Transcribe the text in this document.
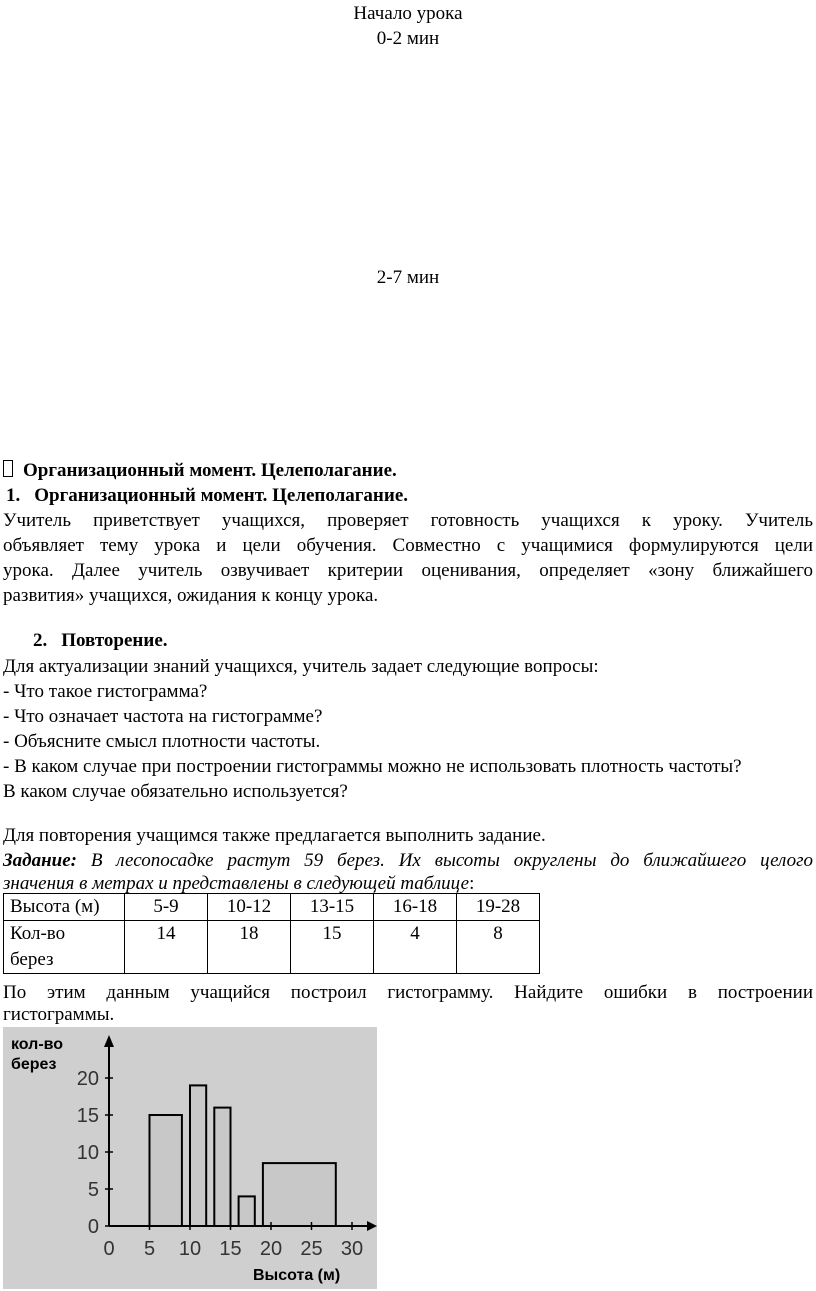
Начало урока
0-2 мин
2-7 мин
Организационный момент. Целеполагание.
1. Организационный момент. Целеполагание.
Учитель приветствует учащихся, проверяет готовность учащихся к уроку. Учитель
объявляет тему урока и цели обучения. Совместно с учащимися формулируются цели
урока. Далее учитель озвучивает критерии оценивания, определяет «зону ближайшего
развития» учащихся, ожидания к концу урока.
2. Повторение.
Для актуализации знаний учащихся, учитель задает следующие вопросы:
- Что такое гистограмма?
- Что означает частота на гистограмме?
- Объясните смысл плотности частоты.
- В каком случае при построении гистограммы можно не использовать плотность частоты?
В каком случае обязательно используется?
Для повторения учащимся также предлагается выполнить задание.
Задание: В лесопосадке растут 59 берез. Их высоты округлены до ближайшего целого
значения в метрах и представлены в следующей таблице:
Высота (м)	5-9	10-12	13-15	16-18	19-28
Кол-во
берез	14	18	15	4	8
По этим данным учащийся построил гистограмму. Найдите ошибки в построении
гистограммы.
кол-во
берез
Высота (м)
0 5 10 15 20 25 30
0
5
10
15
20
